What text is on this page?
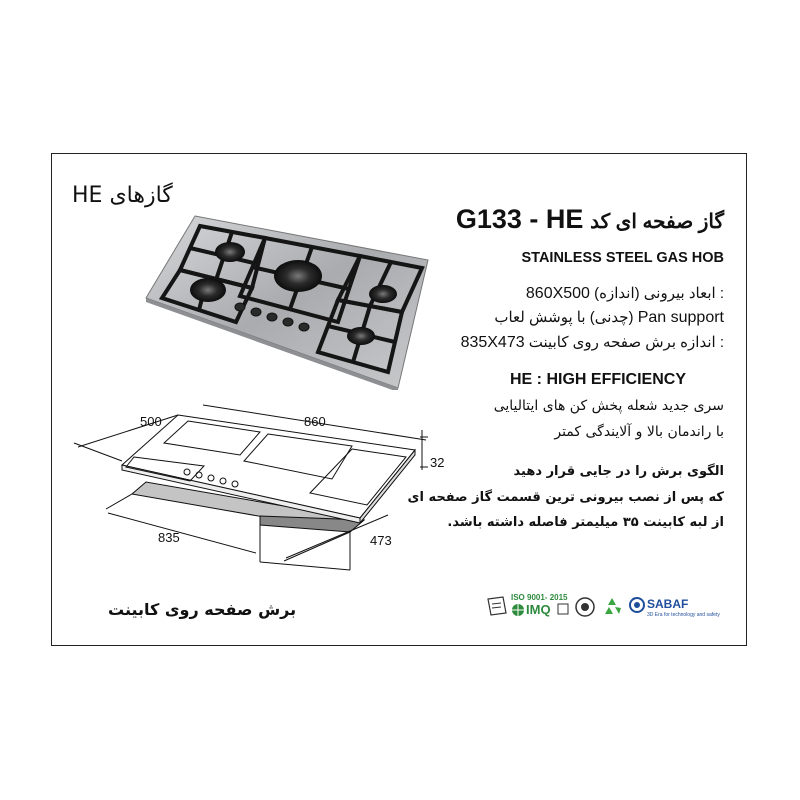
گازهای HE
G133 - HE گاز صفحه ای کد
STAINLESS STEEL GAS HOB
860X500 : ابعاد بیرونی (اندازه)
(چدنی) با پوشش لعاب Pan support
835X473 : اندازه برش صفحه روی کابینت
HE : HIGH EFFICIENCY
سری جدید شعله پخش کن های ایتالیایی
با راندمان بالا و آلایندگی کمتر
الگوی برش را در جایی قرار دهید
که پس از نصب بیرونی ترین قسمت گاز صفحه ای
از لبه کابینت ۳۵ میلیمتر فاصله داشته باشد.
500	860
32
835	473
برش صفحه روی کابینت
ISO 9001- 2015
IMQ	SABAF
3D Era for technology and safety
